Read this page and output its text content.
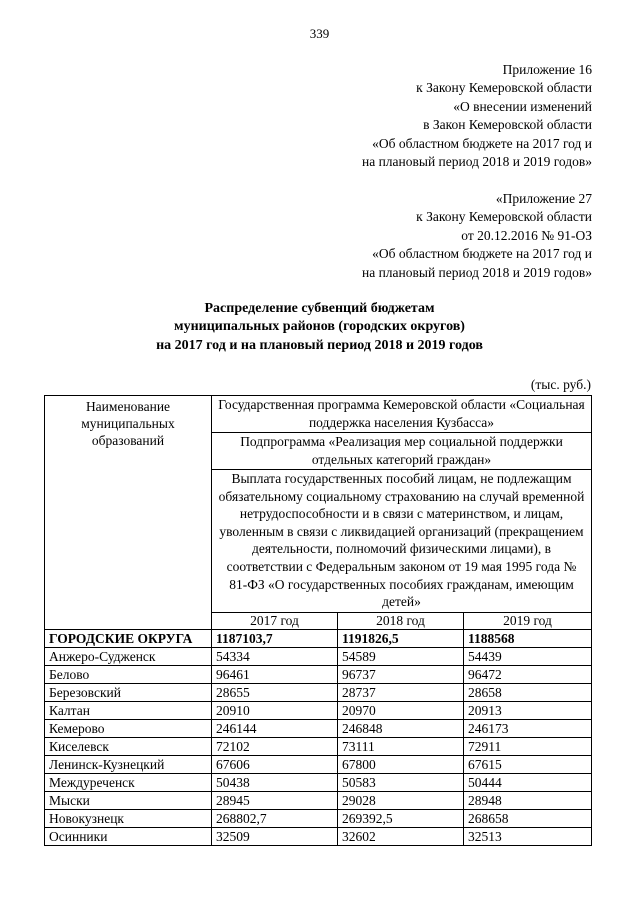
339
Приложение 16
к Закону Кемеровской области
«О внесении изменений
в Закон Кемеровской области
«Об областном бюджете на 2017 год и
на плановый период 2018 и 2019 годов»
«Приложение 27
к Закону Кемеровской области
от 20.12.2016 № 91-ОЗ
«Об областном бюджете на 2017 год и
на плановый период 2018 и 2019 годов»
Распределение субвенций бюджетам
муниципальных районов (городских округов)
на 2017 год и на плановый период 2018 и 2019 годов
(тыс. руб.)
Наименование муниципальных образований	Государственная программа Кемеровской области «Социальная поддержка населения Кузбасса»		
	Подпрограмма «Реализация мер социальной поддержки отдельных категорий граждан»		
	Выплата государственных пособий лицам, не подлежащим обязательному социальному страхованию на случай временной нетрудоспособности и в связи с материнством, и лицам, уволенным в связи с ликвидацией организаций (прекращением деятельности, полномочий физическими лицами), в соответствии с Федеральным законом от 19 мая 1995 года № 81-ФЗ «О государственных пособиях гражданам, имеющим детей»		
	2017 год	2018 год	2019 год
ГОРОДСКИЕ ОКРУГА	1187103,7	1191826,5	1188568
Анжеро-Судженск	54334	54589	54439
Белово	96461	96737	96472
Березовский	28655	28737	28658
Калтан	20910	20970	20913
Кемерово	246144	246848	246173
Киселевск	72102	73111	72911
Ленинск-Кузнецкий	67606	67800	67615
Междуреченск	50438	50583	50444
Мыски	28945	29028	28948
Новокузнецк	268802,7	269392,5	268658
Осинники	32509	32602	32513
